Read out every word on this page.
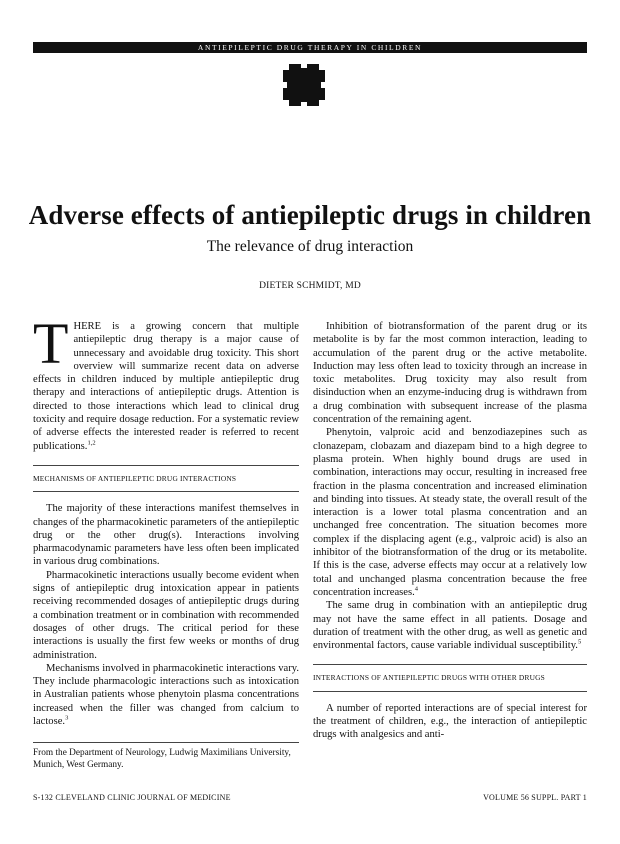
ANTIEPILEPTIC DRUG THERAPY IN CHILDREN
Adverse effects of antiepileptic drugs in children
The relevance of drug interaction
DIETER SCHMIDT, MD

THERE is a growing concern that multiple antiepileptic drug therapy is a major cause of unnecessary and avoidable drug toxicity. This short overview will summarize recent data on adverse effects in children induced by multiple antiepileptic drug therapy and interactions of antiepileptic drugs. Attention is directed to those interactions which lead to clinical drug toxicity and require dosage reduction. For a systematic review of adverse effects the interested reader is referred to recent publications.$^{1,2}$

MECHANISMS OF ANTIEPILEPTIC DRUG INTERACTIONS

The majority of these interactions manifest themselves in changes of the pharmacokinetic parameters of the antiepileptic drug or the other drug(s). Interactions involving pharmacodynamic parameters have less often been implicated in various drug combinations.

Pharmacokinetic interactions usually become evident when signs of antiepileptic drug intoxication appear in patients receiving recommended dosages of antiepileptic drugs during a combination treatment or in combination with recommended dosages of other drugs. The critical period for these interactions is usually the first few weeks or months of drug administration.

Mechanisms involved in pharmacokinetic interactions vary. They include pharmacologic interactions such as intoxication in Australian patients whose phenytoin plasma concentrations increased when the filler was changed from calcium to lactose.$^3$

From the Department of Neurology, Ludwig Maximilians University, Munich, West Germany.

Inhibition of biotransformation of the parent drug or its metabolite is by far the most common interaction, leading to accumulation of the parent drug or the active metabolite. Induction may less often lead to toxicity through an increase in toxic metabolites. Drug toxicity may also result from disinduction when an enzyme-inducing drug is withdrawn from a drug combination with subsequent increase of the plasma concentration of the remaining agent.

Phenytoin, valproic acid and benzodiazepines such as clonazepam, clobazam and diazepam bind to a high degree to plasma protein. When highly bound drugs are used in combination, interactions may occur, resulting in increased free fraction in the plasma concentration and increased elimination and binding into tissues. At steady state, the overall result of the interaction is a lower total plasma concentration and an unchanged free concentration. The situation becomes more complex if the displacing agent (e.g., valproic acid) is also an inhibitor of the biotransformation of the drug or its metabolite. If this is the case, adverse effects may occur at a relatively low total and unchanged plasma concentration because the free concentration increases.$^4$

The same drug in combination with an antiepileptic drug may not have the same effect in all patients. Dosage and duration of treatment with the other drug, as well as genetic and environmental factors, cause variable individual susceptibility.$^5$

INTERACTIONS OF ANTIEPILEPTIC DRUGS WITH OTHER DRUGS

A number of reported interactions are of special interest for the treatment of children, e.g., the interaction of antiepileptic drugs with analgesics and anti-

S-132 CLEVELAND CLINIC JOURNAL OF MEDICINE	VOLUME 56 SUPPL. PART 1
